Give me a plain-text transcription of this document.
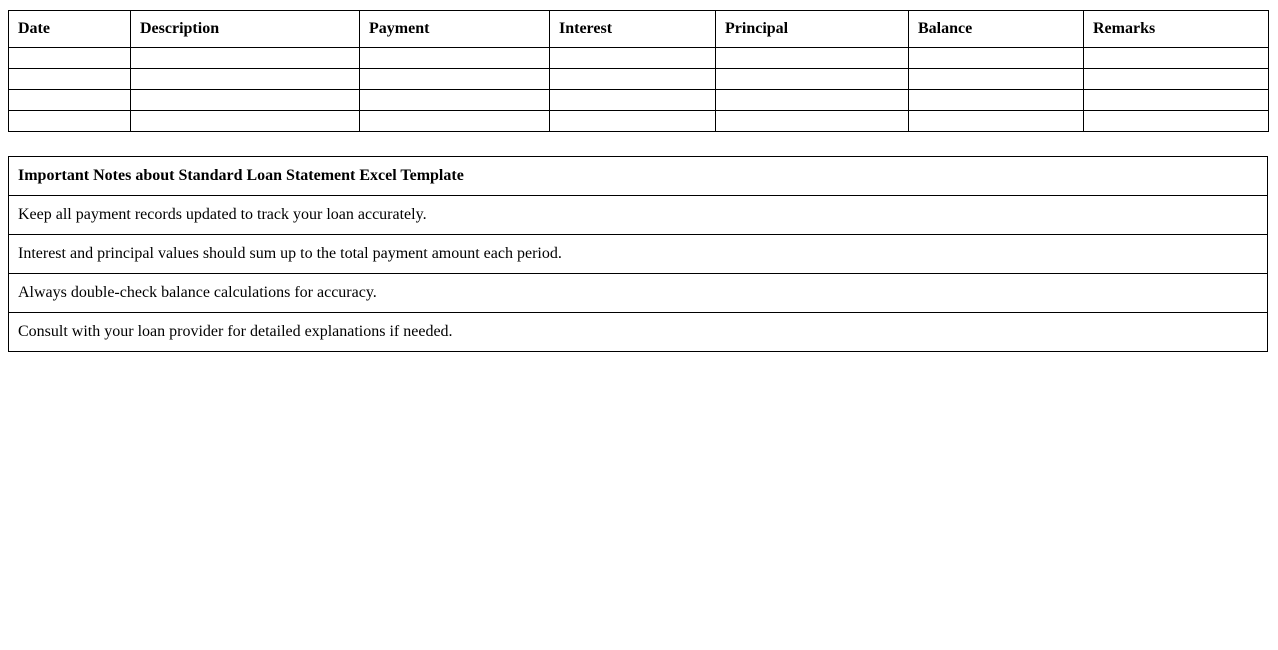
Date	Description	Payment	Interest	Principal	Balance	Remarks

Important Notes about Standard Loan Statement Excel Template
Keep all payment records updated to track your loan accurately.
Interest and principal values should sum up to the total payment amount each period.
Always double-check balance calculations for accuracy.
Consult with your loan provider for detailed explanations if needed.
